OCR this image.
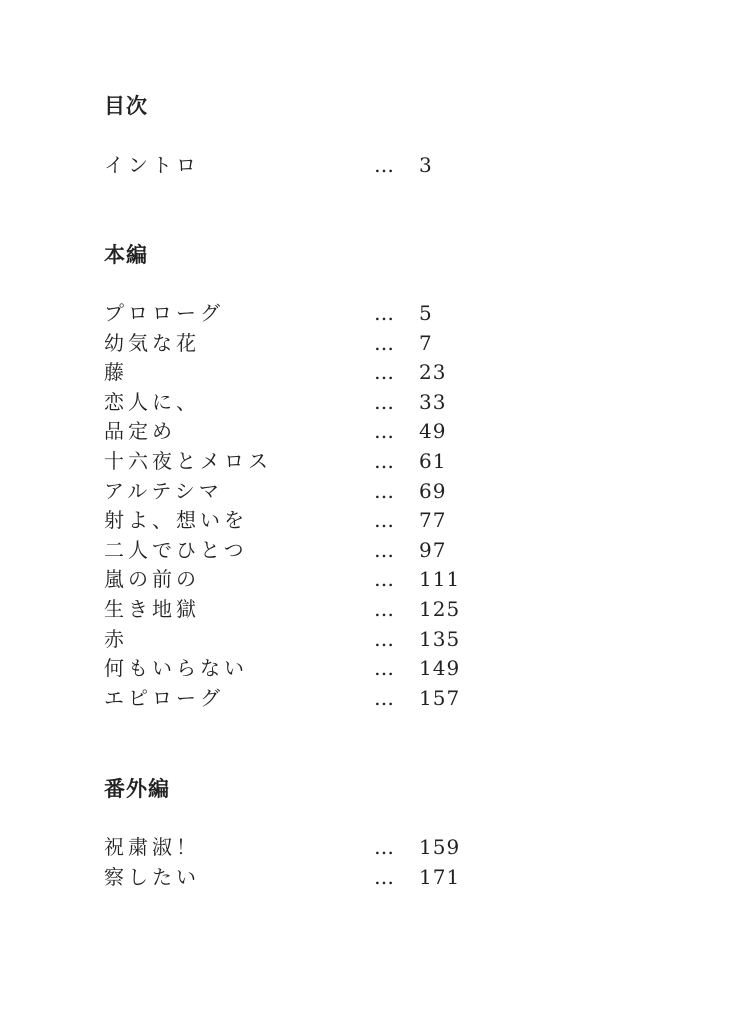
目次
イントロ	… 3
本編
プロローグ	… 5
幼気な花	… 7
藤	… 23
恋人に、	… 33
品定め	… 49
十六夜とメロス	… 61
アルテシマ	… 69
射よ、想いを	… 77
二人でひとつ	… 97
嵐の前の	… 111
生き地獄	… 125
赤	… 135
何もいらない	… 149
エピローグ	… 157
番外編
祝粛淑！	… 159
察したい	… 171
